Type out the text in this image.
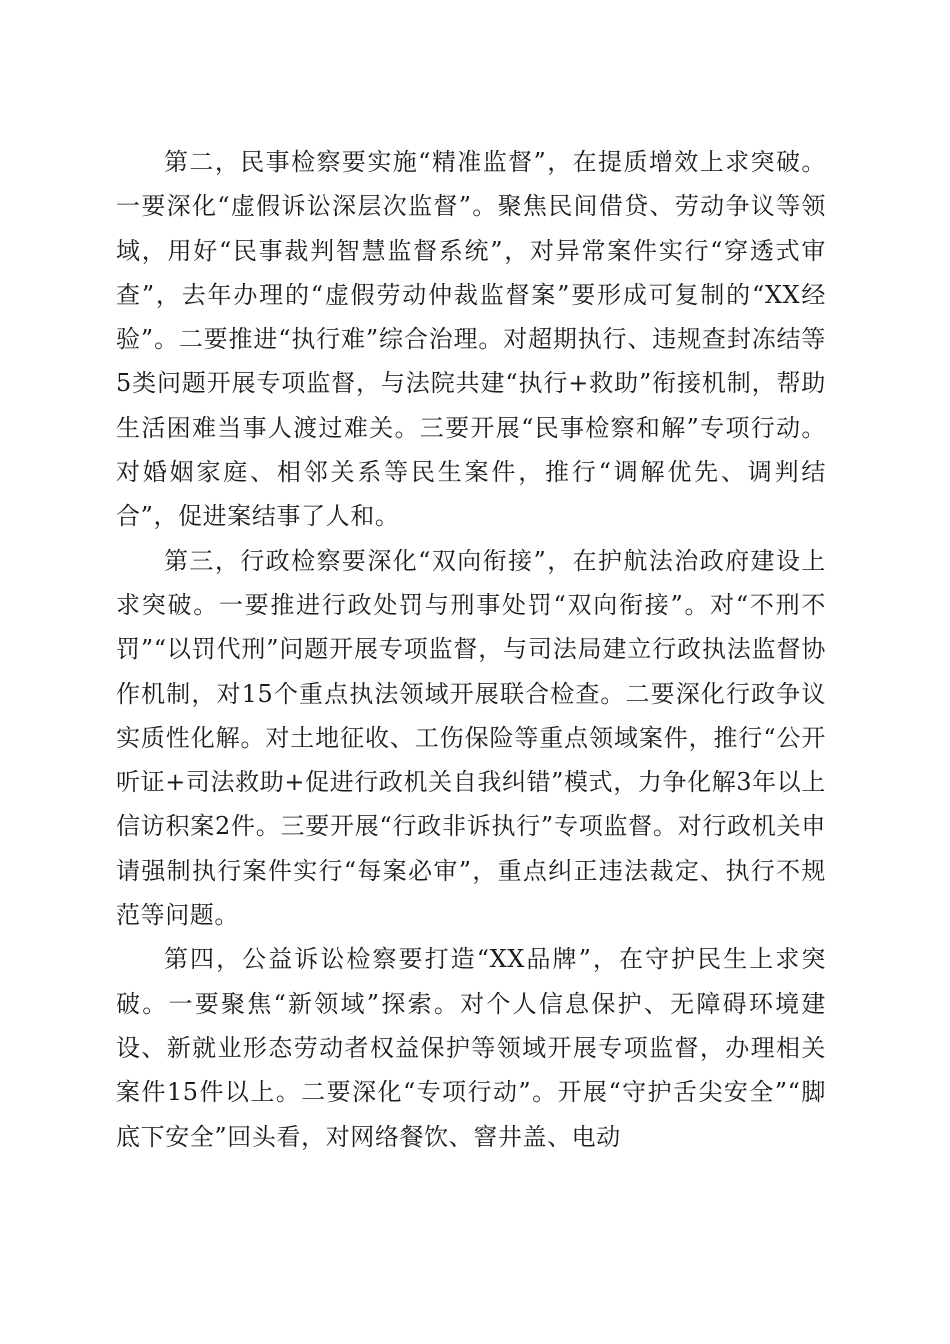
第二，民事检察要实施“精准监督”，在提质增效上求突破。一要深化“虚假诉讼深层次监督”。聚焦民间借贷、劳动争议等领域，用好“民事裁判智慧监督系统”，对异常案件实行“穿透式审查”，去年办理的“虚假劳动仲裁监督案”要形成可复制的“XX经验”。二要推进“执行难”综合治理。对超期执行、违规查封冻结等5类问题开展专项监督，与法院共建“执行+救助”衔接机制，帮助生活困难当事人渡过难关。三要开展“民事检察和解”专项行动。对婚姻家庭、相邻关系等民生案件，推行“调解优先、调判结合”，促进案结事了人和。

第三，行政检察要深化“双向衔接”，在护航法治政府建设上求突破。一要推进行政处罚与刑事处罚“双向衔接”。对“不刑不罚”“以罚代刑”问题开展专项监督，与司法局建立行政执法监督协作机制，对15个重点执法领域开展联合检查。二要深化行政争议实质性化解。对土地征收、工伤保险等重点领域案件，推行“公开听证+司法救助+促进行政机关自我纠错”模式，力争化解3年以上信访积案2件。三要开展“行政非诉执行”专项监督。对行政机关申请强制执行案件实行“每案必审”，重点纠正违法裁定、执行不规范等问题。

第四，公益诉讼检察要打造“XX品牌”，在守护民生上求突破。一要聚焦“新领域”探索。对个人信息保护、无障碍环境建设、新就业形态劳动者权益保护等领域开展专项监督，办理相关案件15件以上。二要深化“专项行动”。开展“守护舌尖安全”“脚底下安全”回头看，对网络餐饮、窨井盖、电动
